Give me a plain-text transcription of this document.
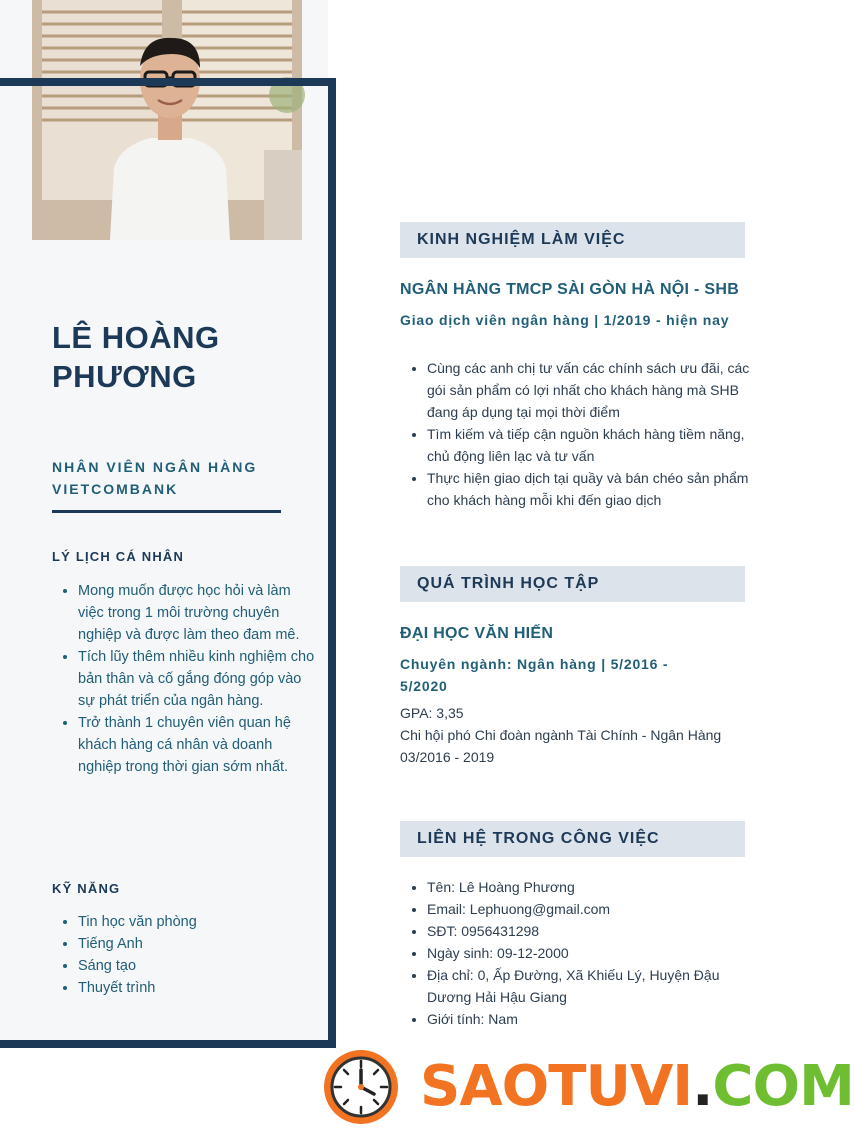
LÊ HOÀNG PHƯƠNG
NHÂN VIÊN NGÂN HÀNG VIETCOMBANK
LÝ LỊCH CÁ NHÂN
• Mong muốn được học hỏi và làm việc trong 1 môi trường chuyên nghiệp và được làm theo đam mê.
• Tích lũy thêm nhiều kinh nghiệm cho bản thân và cố gắng đóng góp vào sự phát triển của ngân hàng.
• Trở thành 1 chuyên viên quan hệ khách hàng cá nhân và doanh nghiệp trong thời gian sớm nhất.
KỸ NĂNG
• Tin học văn phòng
• Tiếng Anh
• Sáng tạo
• Thuyết trình
KINH NGHIỆM LÀM VIỆC
NGÂN HÀNG TMCP SÀI GÒN HÀ NỘI - SHB
Giao dịch viên ngân hàng | 1/2019 - hiện nay
• Cùng các anh chị tư vấn các chính sách ưu đãi, các gói sản phẩm có lợi nhất cho khách hàng mà SHB đang áp dụng tại mọi thời điểm
• Tìm kiếm và tiếp cận nguồn khách hàng tiềm năng, chủ động liên lạc và tư vấn
• Thực hiện giao dịch tại quầy và bán chéo sản phẩm cho khách hàng mỗi khi đến giao dịch
QUÁ TRÌNH HỌC TẬP
ĐẠI HỌC VĂN HIẾN
Chuyên ngành: Ngân hàng | 5/2016 - 5/2020
GPA: 3,35
Chi hội phó Chi đoàn ngành Tài Chính - Ngân Hàng
03/2016 - 2019
LIÊN HỆ TRONG CÔNG VIỆC
• Tên: Lê Hoàng Phương
• Email: Lephuong@gmail.com
• SĐT: 0956431298
• Ngày sinh: 09-12-2000
• Địa chỉ: 0, Ấp Đường, Xã Khiếu Lý, Huyện Đậu Dương Hải Hậu Giang
• Giới tính: Nam
SAOTUVI.COM
